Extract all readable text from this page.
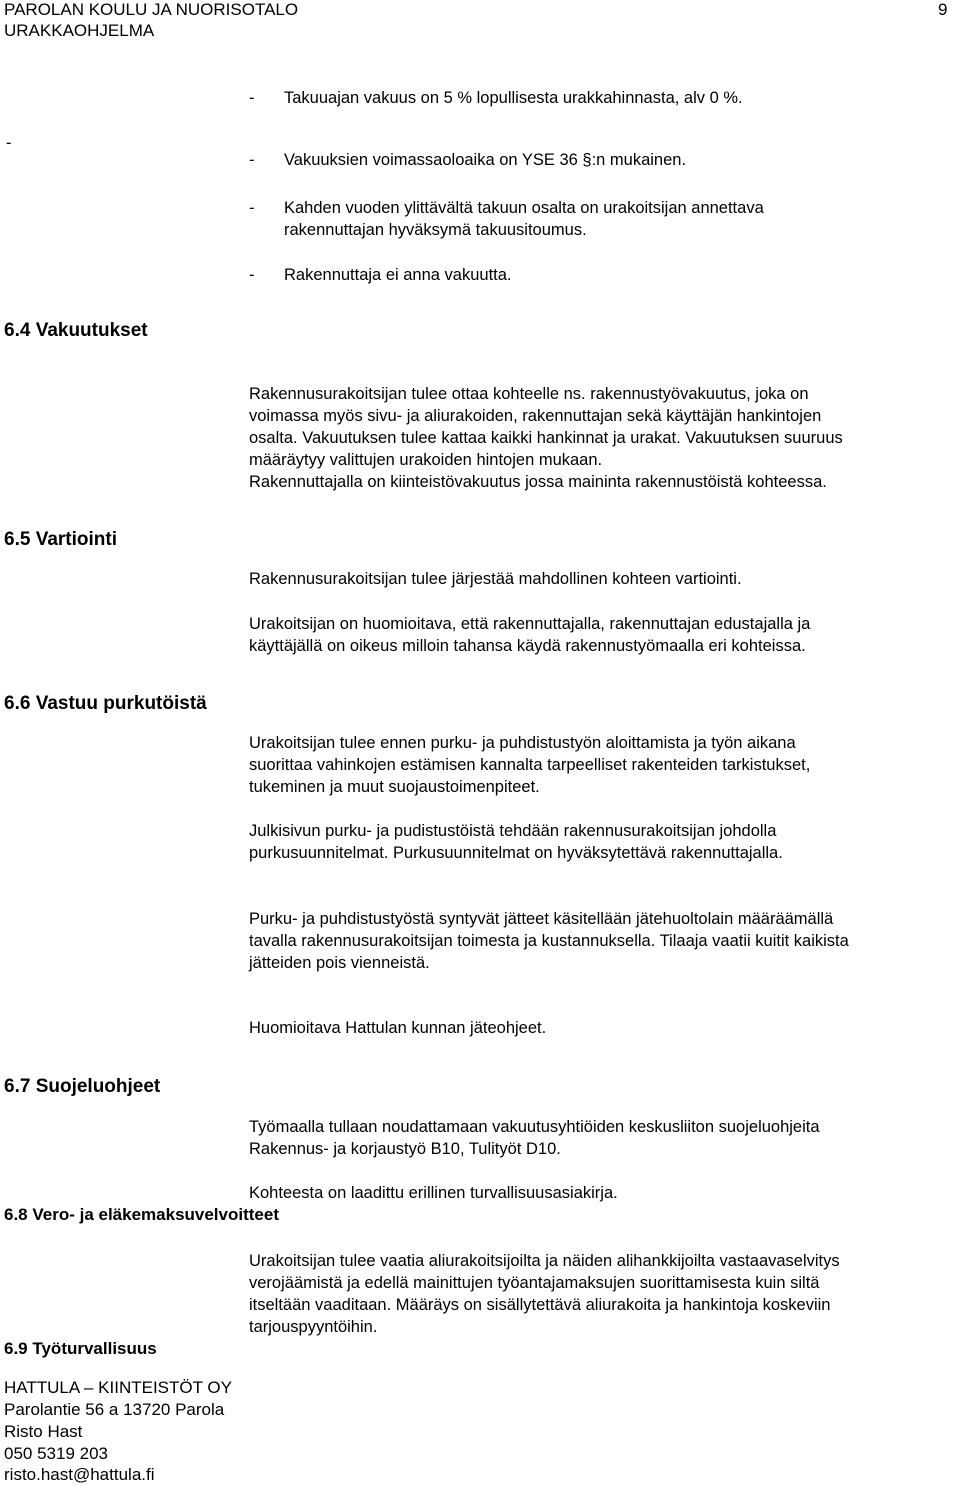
PAROLAN KOULU JA NUORISOTALO
URAKKAOHJELMA
9
-
- Takuuajan vakuus on 5 % lopullisesta urakkahinnasta, alv 0 %.
- Vakuuksien voimassaoloaika on YSE 36 §:n mukainen.
- Kahden vuoden ylittävältä takuun osalta on urakoitsijan annettava
rakennuttajan hyväksymä takuusitoumus.
- Rakennuttaja ei anna vakuutta.
6.4 Vakuutukset

Rakennusurakoitsijan tulee ottaa kohteelle ns. rakennustyövakuutus, joka on

voimassa myös sivu- ja aliurakoiden, rakennuttajan sekä käyttäjän hankintojen

osalta. Vakuutuksen tulee kattaa kaikki hankinnat ja urakat. Vakuutuksen suuruus

määräytyy valittujen urakoiden hintojen mukaan.

Rakennuttajalla on kiinteistövakuutus jossa maininta rakennustöistä kohteessa.

6.5 Vartiointi

Rakennusurakoitsijan tulee järjestää mahdollinen kohteen vartiointi.

Urakoitsijan on huomioitava, että rakennuttajalla, rakennuttajan edustajalla ja

käyttäjällä on oikeus milloin tahansa käydä rakennustyömaalla eri kohteissa.

6.6 Vastuu purkutöistä

Urakoitsijan tulee ennen purku- ja puhdistustyön aloittamista ja työn aikana

suorittaa vahinkojen estämisen kannalta tarpeelliset rakenteiden tarkistukset,

tukeminen ja muut suojaustoimenpiteet.

Julkisivun purku- ja pudistustöistä tehdään rakennusurakoitsijan johdolla

purkusuunnitelmat. Purkusuunnitelmat on hyväksytettävä rakennuttajalla.

Purku- ja puhdistustyöstä syntyvät jätteet käsitellään jätehuoltolain määräämällä

tavalla rakennusurakoitsijan toimesta ja kustannuksella. Tilaaja vaatii kuitit kaikista

jätteiden pois vienneistä.

Huomioitava Hattulan kunnan jäteohjeet.

6.7 Suojeluohjeet

Työmaalla tullaan noudattamaan vakuutusyhtiöiden keskusliiton suojeluohjeita

Rakennus- ja korjaustyö B10, Tulityöt D10.

Kohteesta on laadittu erillinen turvallisuusasiakirja.

6.8 Vero- ja eläkemaksuvelvoitteet

Urakoitsijan tulee vaatia aliurakoitsijoilta ja näiden alihankkijoilta vastaavaselvitys

verojäämistä ja edellä mainittujen työantajamaksujen suorittamisesta kuin siltä

itseltään vaaditaan. Määräys on sisällytettävä aliurakoita ja hankintoja koskeviin

tarjouspyyntöihin.

6.9 Työturvallisuus
HATTULA – KIINTEISTÖT OY
Parolantie 56 a 13720 Parola
Risto Hast
050 5319 203
risto.hast@hattula.fi
